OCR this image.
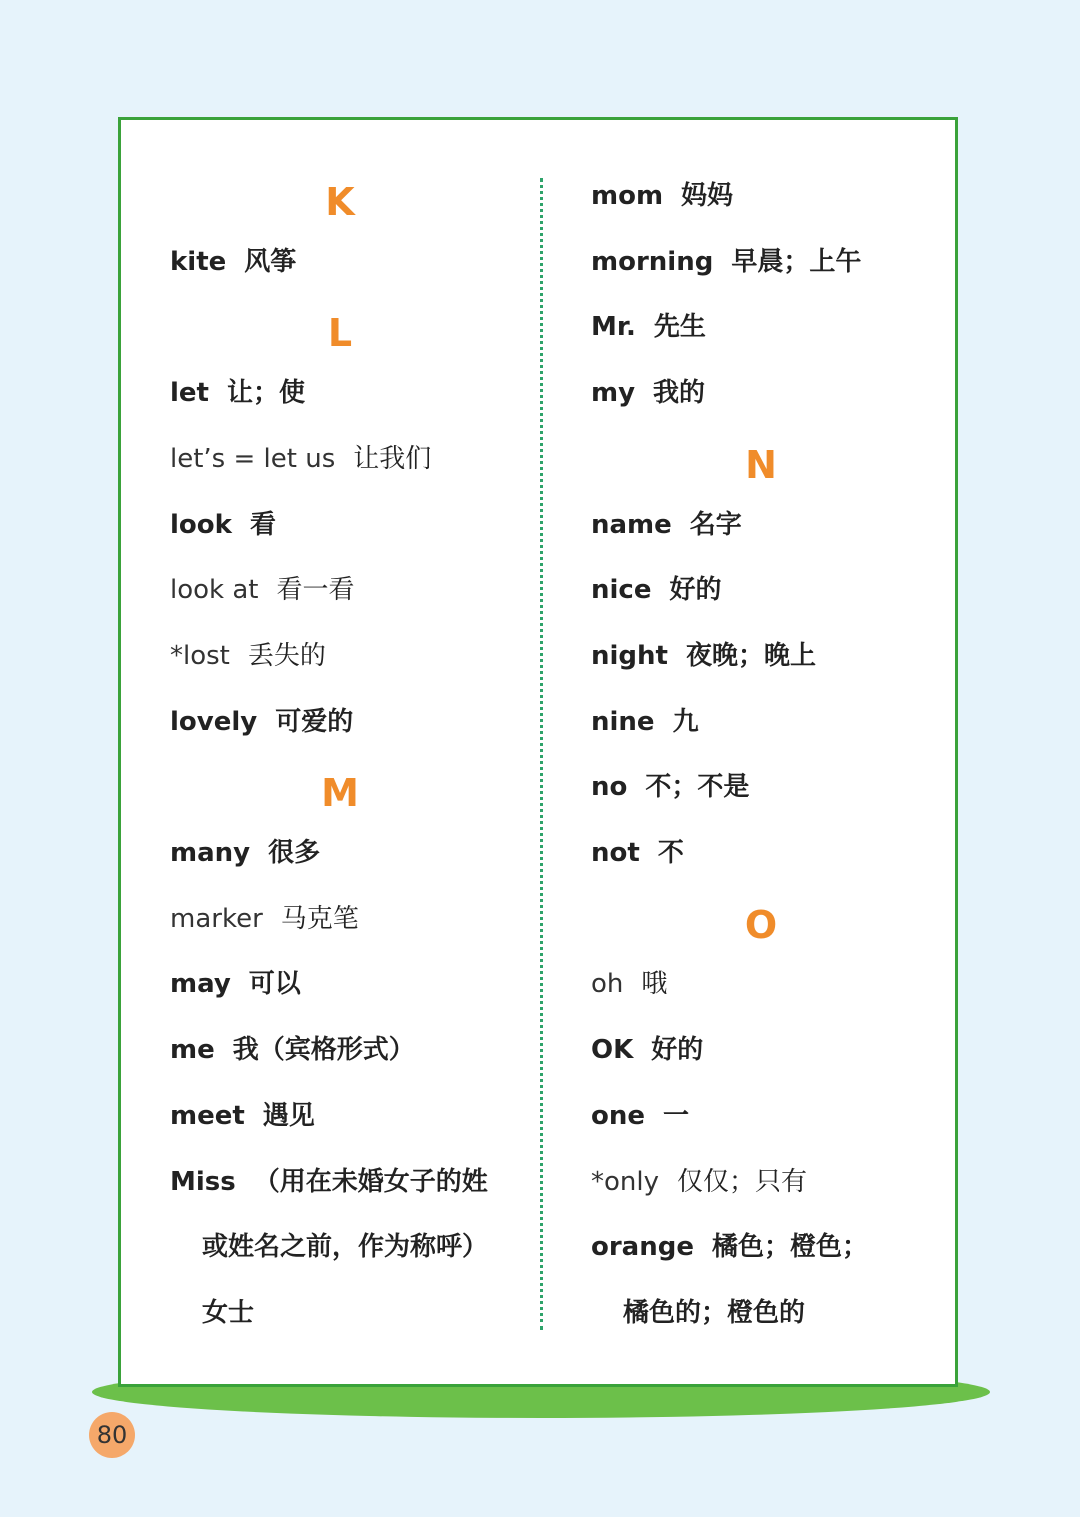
K
kite 风筝
L
let 让；使
let’s = let us 让我们
look 看
look at 看一看
*lost 丢失的
lovely 可爱的
M
many 很多
marker 马克笔
may 可以
me 我（宾格形式）
meet 遇见
Miss （用在未婚女子的姓
或姓名之前，作为称呼）
女士
mom 妈妈
morning 早晨；上午
Mr. 先生
my 我的
N
name 名字
nice 好的
night 夜晚；晚上
nine 九
no 不；不是
not 不
O
oh 哦
OK 好的
one 一
*only 仅仅；只有
orange 橘色；橙色；
橘色的；橙色的
80
